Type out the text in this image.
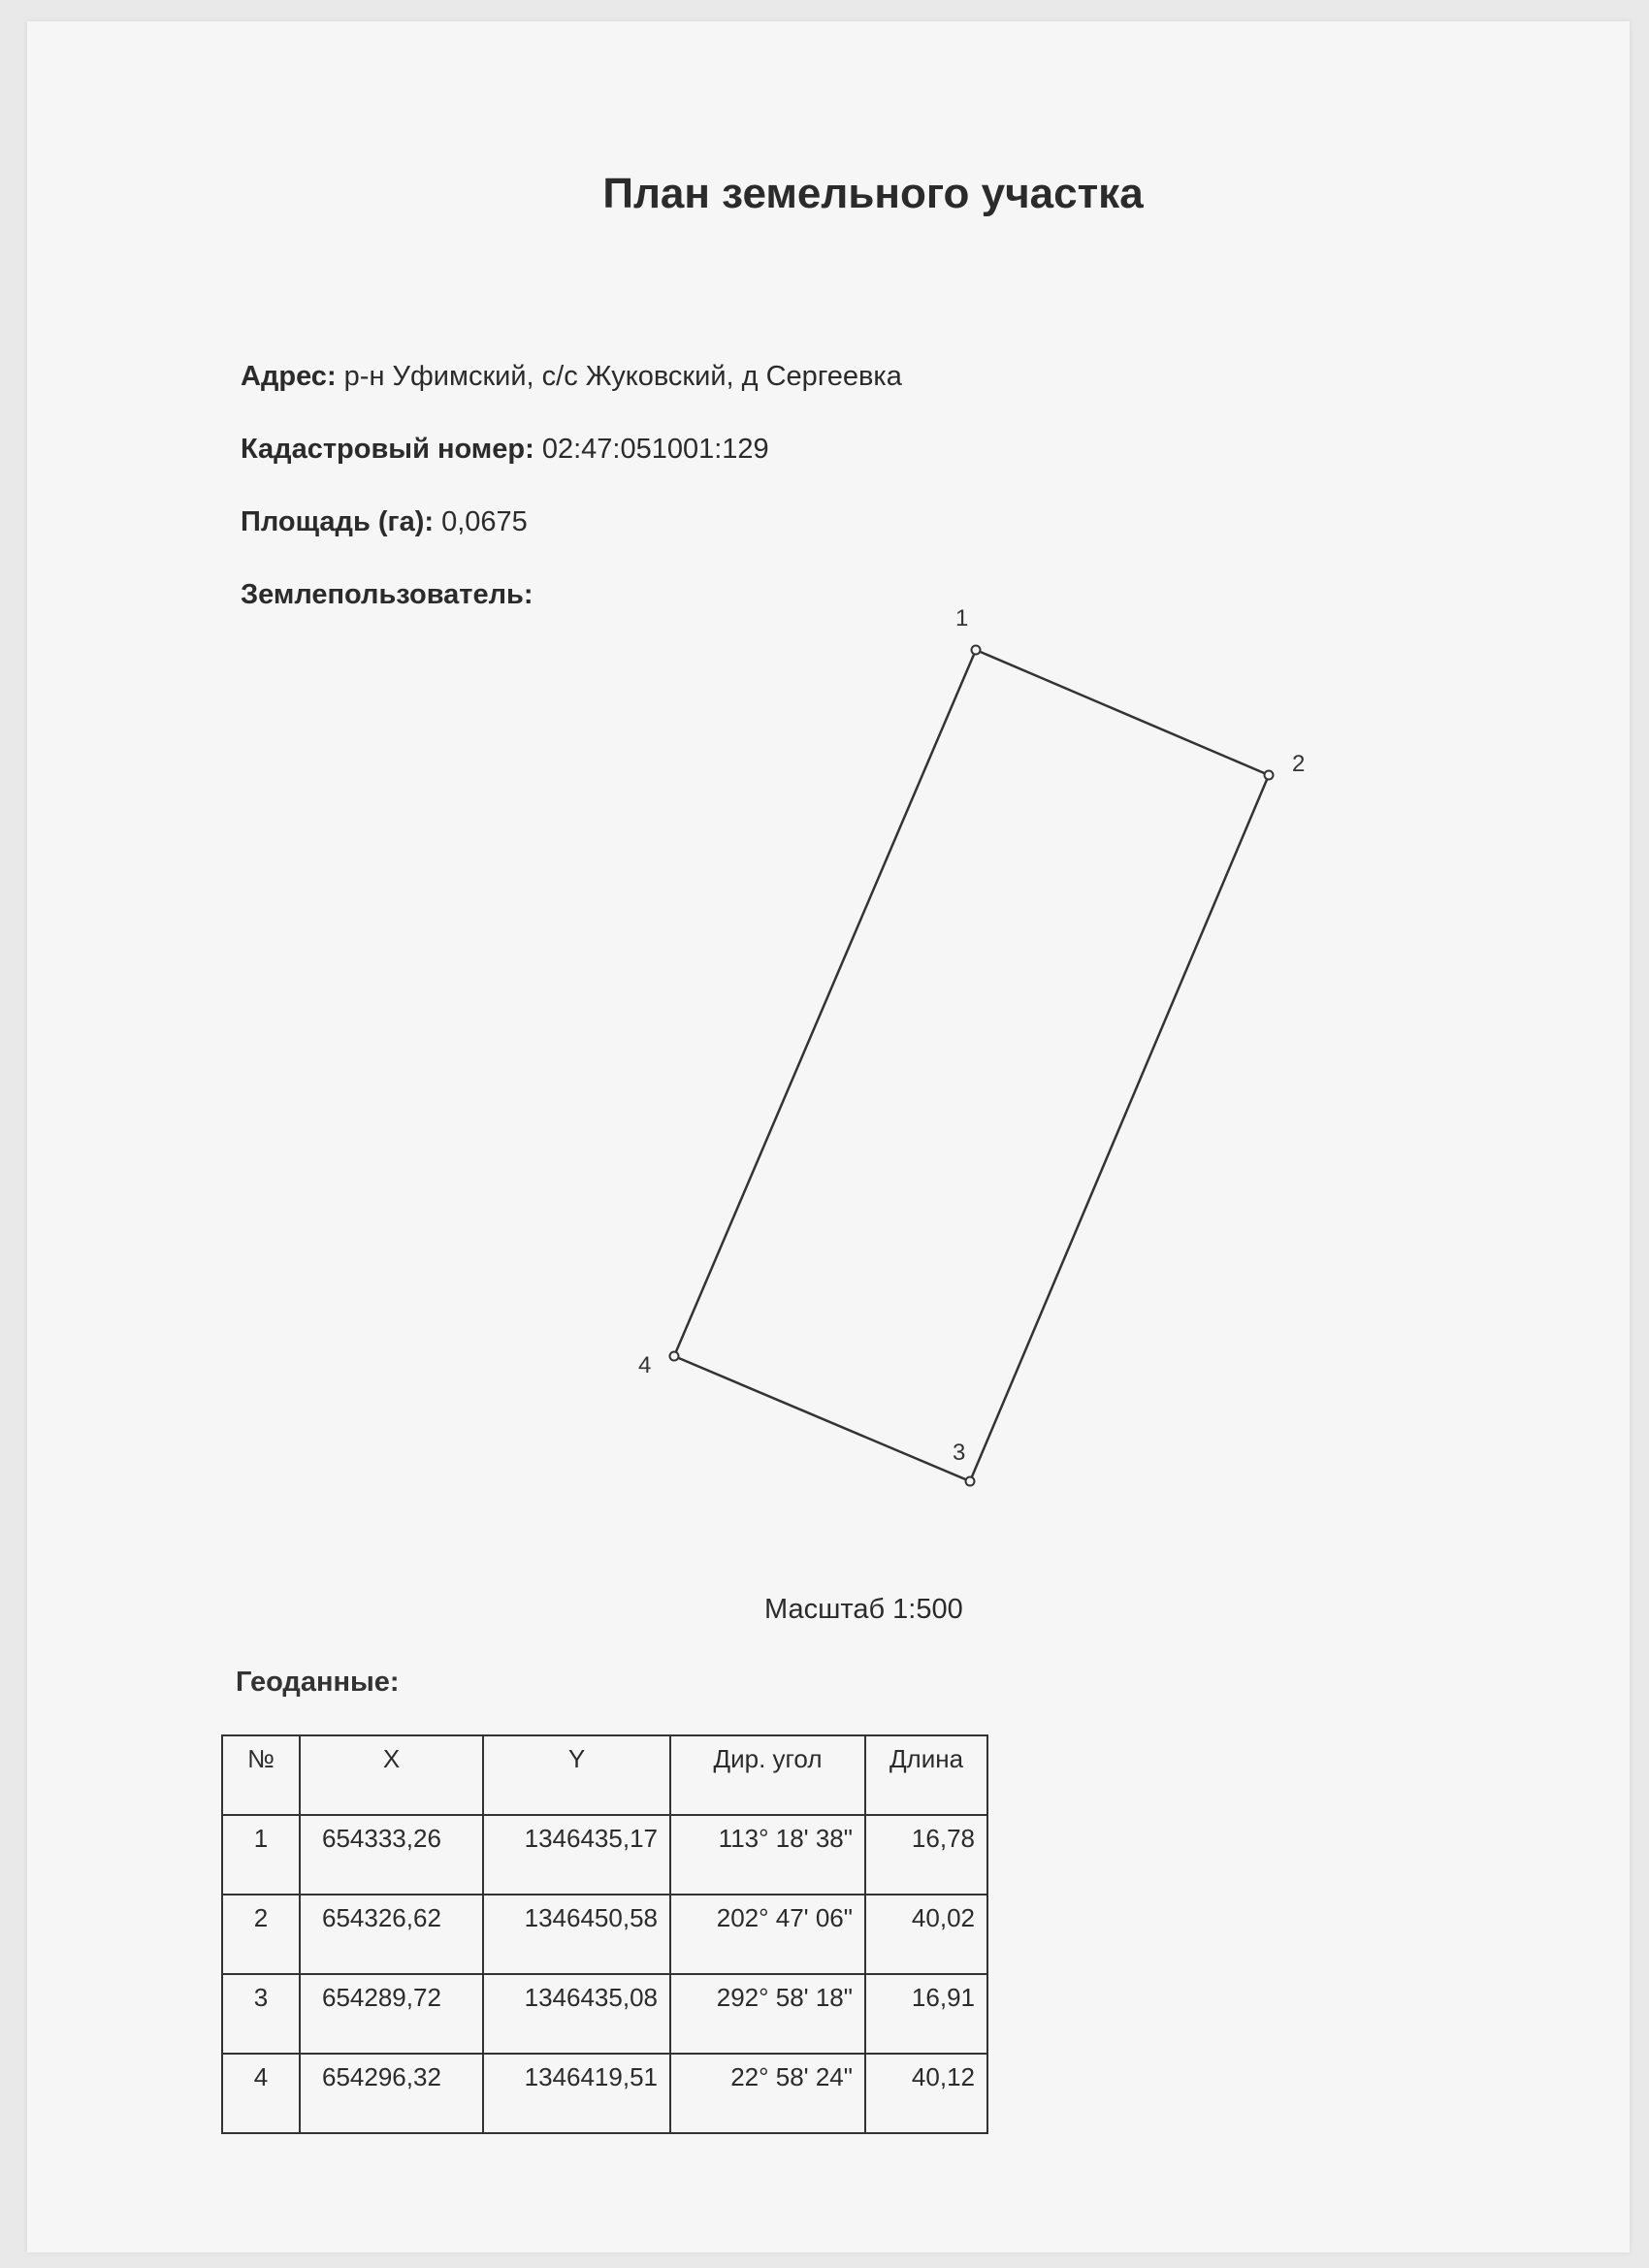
План земельного участка
Адрес: р-н Уфимский, с/с Жуковский, д Сергеевка
Кадастровый номер: 02:47:051001:129
Площадь (га): 0,0675
Землепользователь:
1
2
3
4
Масштаб 1:500
Геоданные:
№	X	Y	Дир. угол	Длина
1	654333,26	1346435,17	113° 18' 38"	16,78
2	654326,62	1346450,58	202° 47' 06"	40,02
3	654289,72	1346435,08	292° 58' 18"	16,91
4	654296,32	1346419,51	22° 58' 24"	40,12
